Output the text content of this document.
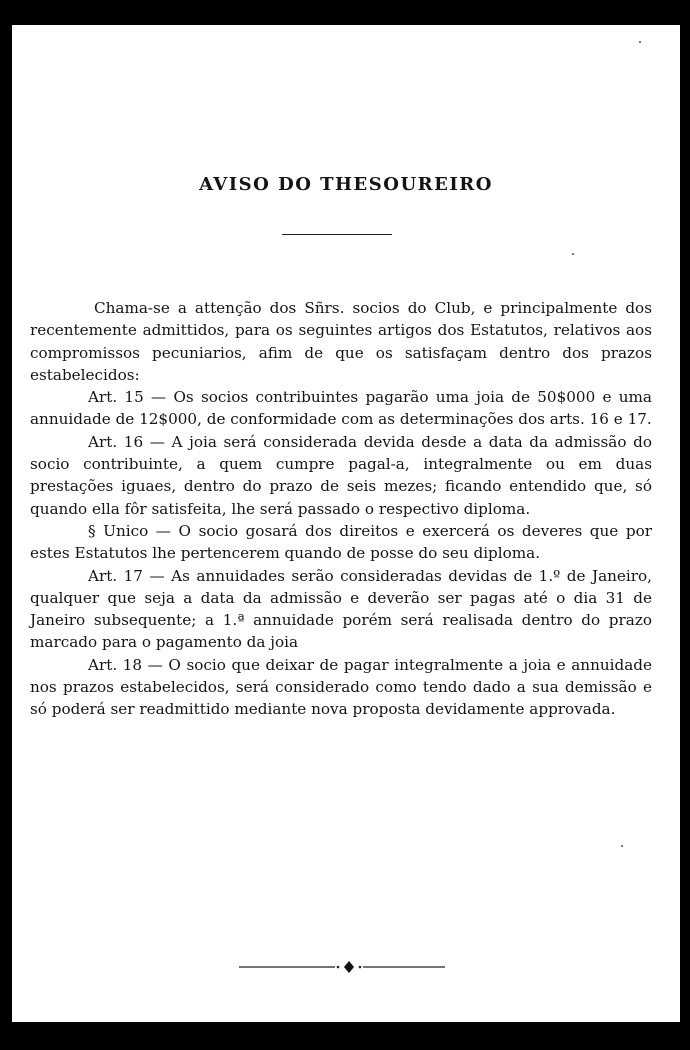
AVISO DO THESOUREIRO

Chama-se a attenção dos Sñrs. socios do Club, e principalmente dos recentemente admittidos, para os seguintes artigos dos Estatutos, relativos aos compromissos pecuniarios, afim de que os satisfaçam dentro dos prazos estabelecidos:

Art. 15 — Os socios contribuintes pagarão uma joia de 50$000 e uma annuidade de 12$000, de conformidade com as determinações dos arts. 16 e 17.

Art. 16 — A joia será considerada devida desde a data da admissão do socio contribuinte, a quem cumpre pagal-a, integralmente ou em duas prestações iguaes, dentro do prazo de seis mezes; ficando entendido que, só quando ella fôr satisfeita, lhe será passado o respectivo diploma.

§ Unico — O socio gosará dos direitos e exercerá os deveres que por estes Estatutos lhe pertencerem quando de posse do seu diploma.

Art. 17 — As annuidades serão consideradas devidas de 1.º de Janeiro, qualquer que seja a data da admissão e deverão ser pagas até o dia 31 de Janeiro subsequente; a 1.ª annuidade porém será realisada dentro do prazo marcado para o pagamento da joia

Art. 18 — O socio que deixar de pagar integralmente a joia e annuidade nos prazos estabelecidos, será considerado como tendo dado a sua demissão e só poderá ser readmittido mediante nova proposta devidamente approvada.
